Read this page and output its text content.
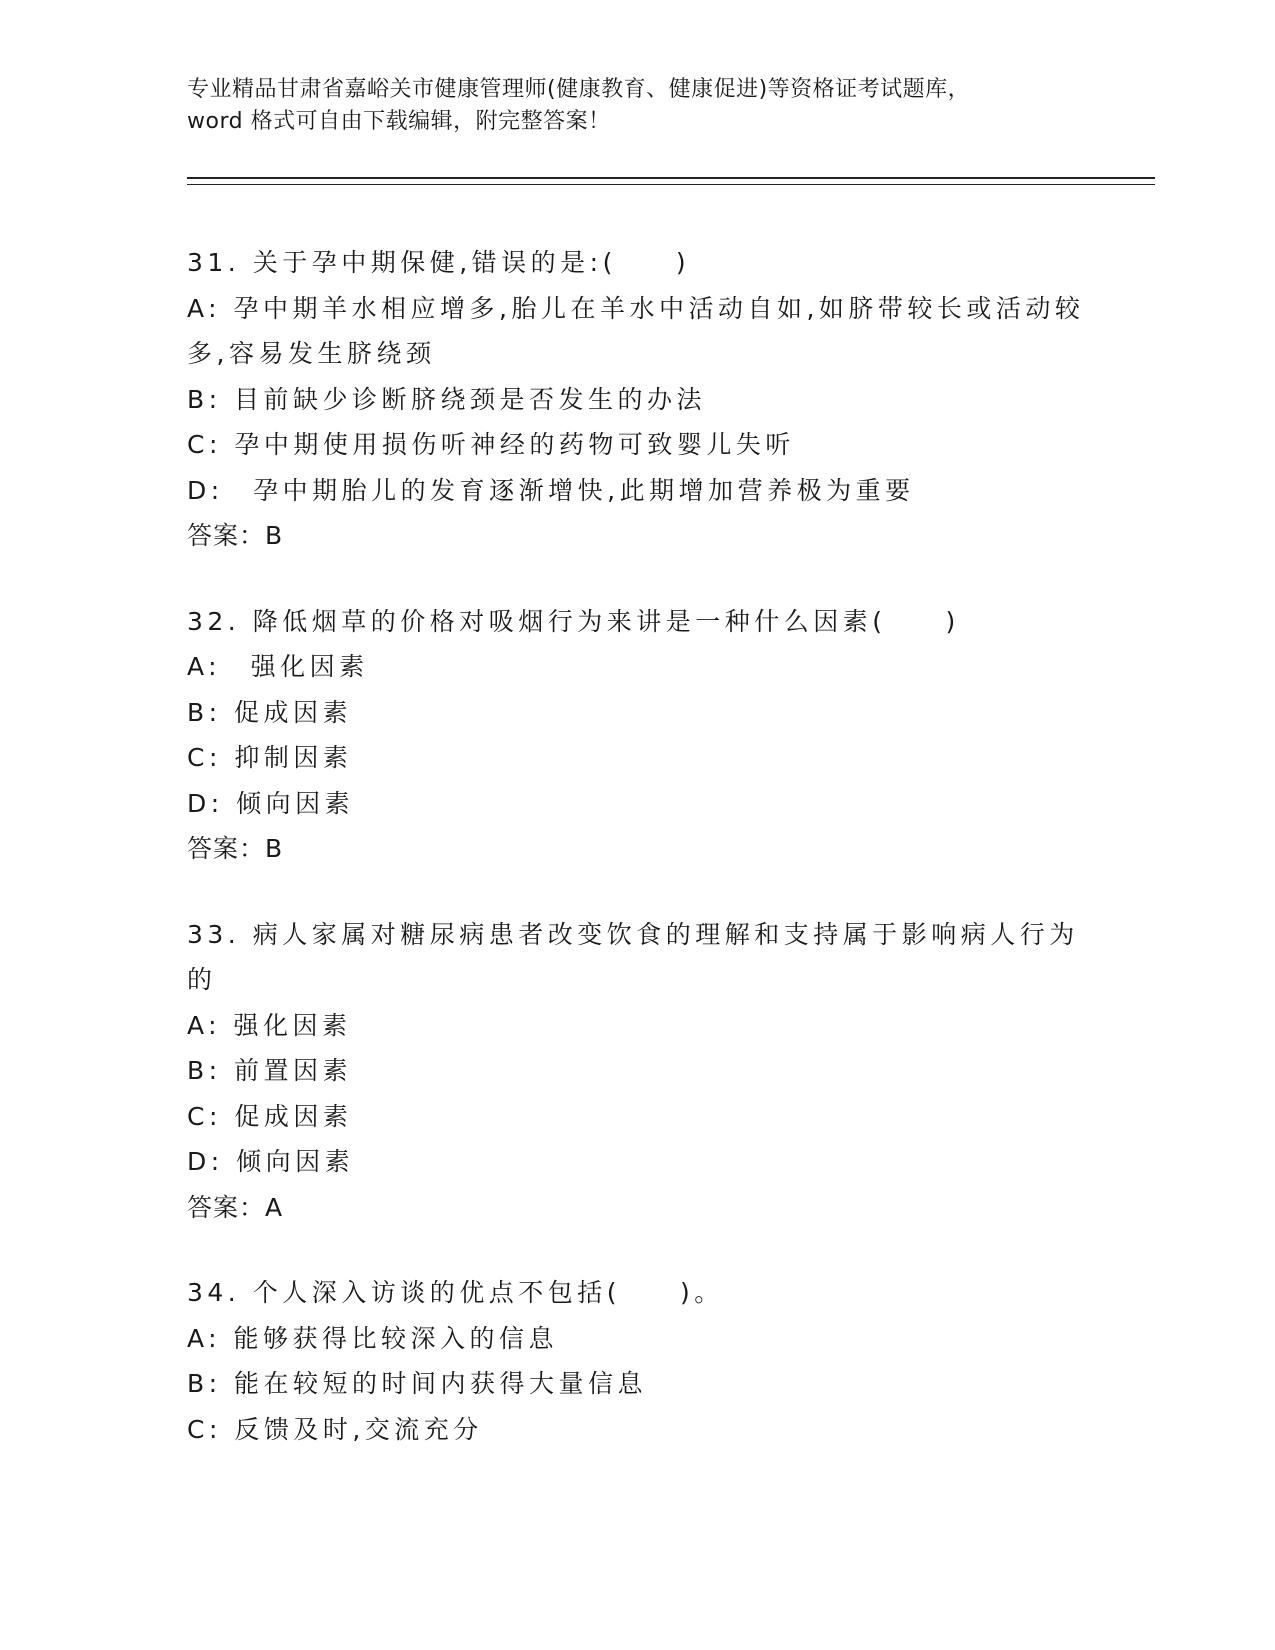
专业精品甘肃省嘉峪关市健康管理师(健康教育、健康促进)等资格证考试题库，
word 格式可自由下载编辑，附完整答案！
31. 关于孕中期保健,错误的是:(　　)
A: 孕中期羊水相应增多,胎儿在羊水中活动自如,如脐带较长或活动较多,容易发生脐绕颈
B: 目前缺少诊断脐绕颈是否发生的办法
C: 孕中期使用损伤听神经的药物可致婴儿失听
D:　孕中期胎儿的发育逐渐增快,此期增加营养极为重要
答案：B
32. 降低烟草的价格对吸烟行为来讲是一种什么因素(　　)
A:　强化因素
B: 促成因素
C: 抑制因素
D: 倾向因素
答案：B
33. 病人家属对糖尿病患者改变饮食的理解和支持属于影响病人行为的
A: 强化因素
B: 前置因素
C: 促成因素
D: 倾向因素
答案：A
34. 个人深入访谈的优点不包括(　　)。
A: 能够获得比较深入的信息
B: 能在较短的时间内获得大量信息
C: 反馈及时,交流充分
